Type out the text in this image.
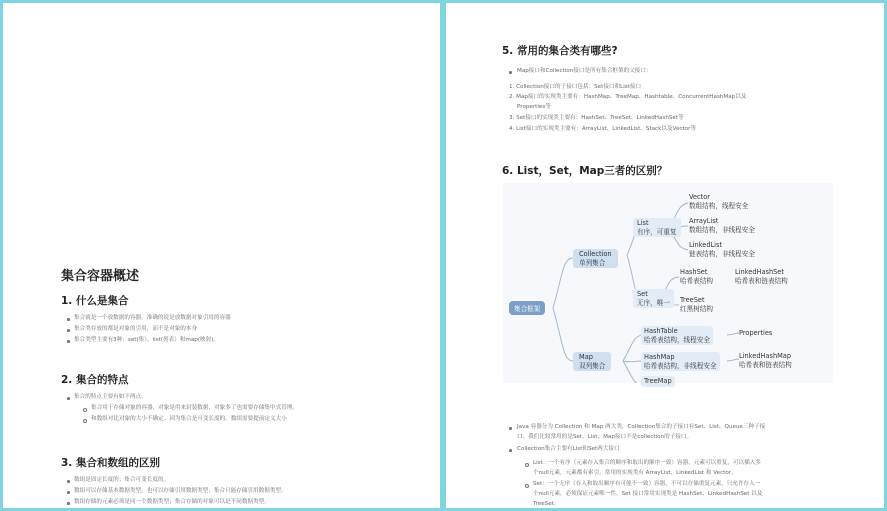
集合容器概述
1. 什么是集合
集合就是一个放数据的容器，准确的说是放数据对象引用的容器
集合类存放的都是对象的引用，而不是对象的本身
集合类型主要有3种：set(集）、list(列表）和map(映射)。
2. 集合的特点
集合的特点主要有如下两点:
集合用于存储对象的容器，对象是用来封装数据，对象多了也需要存储集中式管理。
和数组对比对象的大小不确定。因为集合是可变长度的。数组需要提前定义大小
3. 集合和数组的区别
数组是固定长度的；集合可变长度的。
数组可以存储基本数据类型，也可以存储引用数据类型；集合只能存储引用数据类型。
数组存储的元素必须是同一个数据类型；集合存储的对象可以是不同数据类型。
5. 常用的集合类有哪些?
Map接口和Collection接口是所有集合框架的父接口：
1. Collection接口的子接口包括：Set接口和List接口
2. Map接口的实现类主要有：HashMap、TreeMap、Hashtable、ConcurrentHashMap以及
Properties等
3. Set接口的实现类主要有：HashSet、TreeSet、LinkedHashSet等
4. List接口的实现类主要有：ArrayList、LinkedList、Stack以及Vector等
6. List，Set，Map三者的区别？
集合框架
Collection
单列集合
List
有序，可重复
Vector
数组结构，线程安全
ArrayList
数组结构，非线程安全
LinkedList
链表结构，非线程安全
Set
无序，唯一
HashSet
哈希表结构
LinkedHashSet
哈希表和链表结构
TreeSet
红黑树结构
Map
双列集合
HashTable
哈希表结构，线程安全
Properties
HashMap
哈希表结构，非线程安全
LinkedHashMap
哈希表和链表结构
TreeMap
Java 容器分为 Collection 和 Map 两大类，Collection集合的子接口有Set、List、Queue三种子接
口。我们比较常用的是Set、List，Map接口不是collection的子接口。
Collection集合主要有List和Set两大接口
List：一个有序（元素存入集合的顺序和取出的顺序一致）容器，元素可以重复，可以插入多
个null元素，元素都有索引。常用的实现类有 ArrayList、LinkedList 和 Vector。
Set：一个无序（存入和取出顺序有可能不一致）容器，不可以存储重复元素，只允许存入一
个null元素，必须保证元素唯一性。Set 接口常用实现类是 HashSet、LinkedHashSet 以及
TreeSet。
